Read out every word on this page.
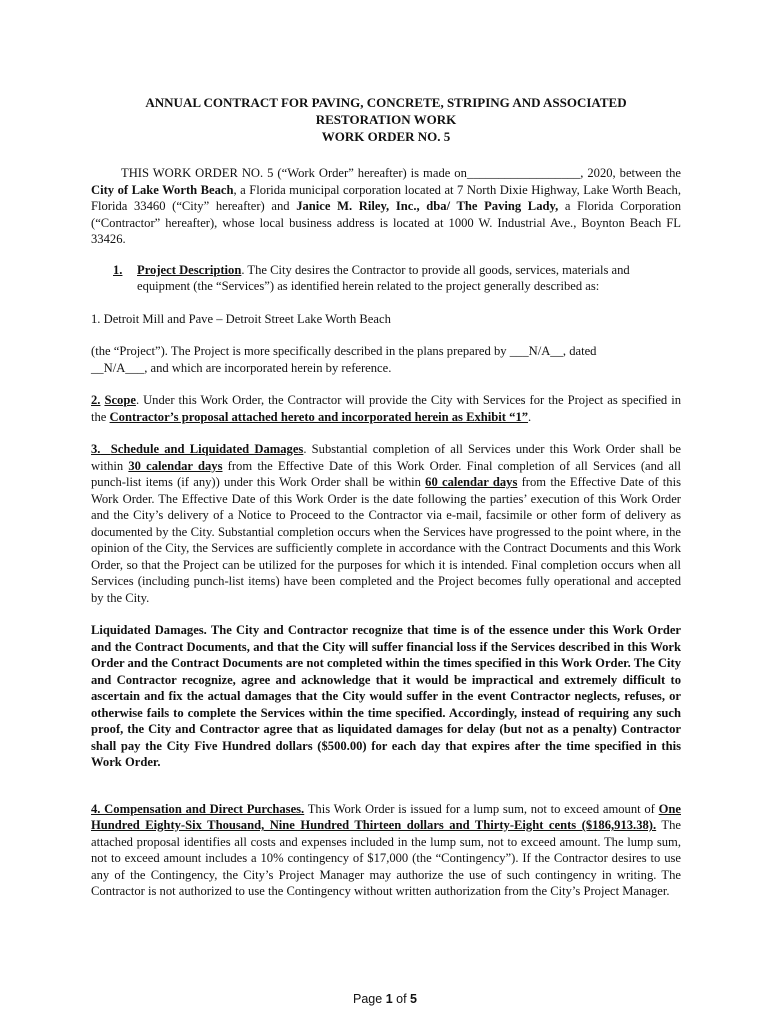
ANNUAL CONTRACT FOR PAVING, CONCRETE, STRIPING AND ASSOCIATED
RESTORATION WORK
WORK ORDER NO. 5

THIS WORK ORDER NO. 5 (“Work Order” hereafter) is made on__________________, 2020, between the City of Lake Worth Beach, a Florida municipal corporation located at 7 North Dixie Highway, Lake Worth Beach, Florida 33460 (“City” hereafter) and Janice M. Riley, Inc., dba/ The Paving Lady, a Florida Corporation (“Contractor” hereafter), whose local business address is located at 1000 W. Industrial Ave., Boynton Beach FL 33426.

1.	Project Description. The City desires the Contractor to provide all goods, services, materials and equipment (the “Services”) as identified herein related to the project generally described as:

1. Detroit Mill and Pave – Detroit Street Lake Worth Beach

(the “Project”). The Project is more specifically described in the plans prepared by ___N/A__, dated
__N/A___, and which are incorporated herein by reference.

2. Scope. Under this Work Order, the Contractor will provide the City with Services for the Project as specified in the Contractor’s proposal attached hereto and incorporated herein as Exhibit “1”.

3. Schedule and Liquidated Damages. Substantial completion of all Services under this Work Order shall be within 30 calendar days from the Effective Date of this Work Order. Final completion of all Services (and all punch-list items (if any)) under this Work Order shall be within 60 calendar days from the Effective Date of this Work Order. The Effective Date of this Work Order is the date following the parties’ execution of this Work Order and the City’s delivery of a Notice to Proceed to the Contractor via e-mail, facsimile or other form of delivery as documented by the City. Substantial completion occurs when the Services have progressed to the point where, in the opinion of the City, the Services are sufficiently complete in accordance with the Contract Documents and this Work Order, so that the Project can be utilized for the purposes for which it is intended. Final completion occurs when all Services (including punch-list items) have been completed and the Project becomes fully operational and accepted by the City.

Liquidated Damages. The City and Contractor recognize that time is of the essence under this Work Order and the Contract Documents, and that the City will suffer financial loss if the Services described in this Work Order and the Contract Documents are not completed within the times specified in this Work Order. The City and Contractor recognize, agree and acknowledge that it would be impractical and extremely difficult to ascertain and fix the actual damages that the City would suffer in the event Contractor neglects, refuses, or otherwise fails to complete the Services within the time specified. Accordingly, instead of requiring any such proof, the City and Contractor agree that as liquidated damages for delay (but not as a penalty) Contractor shall pay the City Five Hundred dollars ($500.00) for each day that expires after the time specified in this Work Order.

4. Compensation and Direct Purchases. This Work Order is issued for a lump sum, not to exceed amount of One Hundred Eighty-Six Thousand, Nine Hundred Thirteen dollars and Thirty-Eight cents ($186,913.38). The attached proposal identifies all costs and expenses included in the lump sum, not to exceed amount. The lump sum, not to exceed amount includes a 10% contingency of $17,000 (the “Contingency”). If the Contractor desires to use any of the Contingency, the City’s Project Manager may authorize the use of such contingency in writing. The Contractor is not authorized to use the Contingency without written authorization from the City’s Project Manager.

Page 1 of 5
